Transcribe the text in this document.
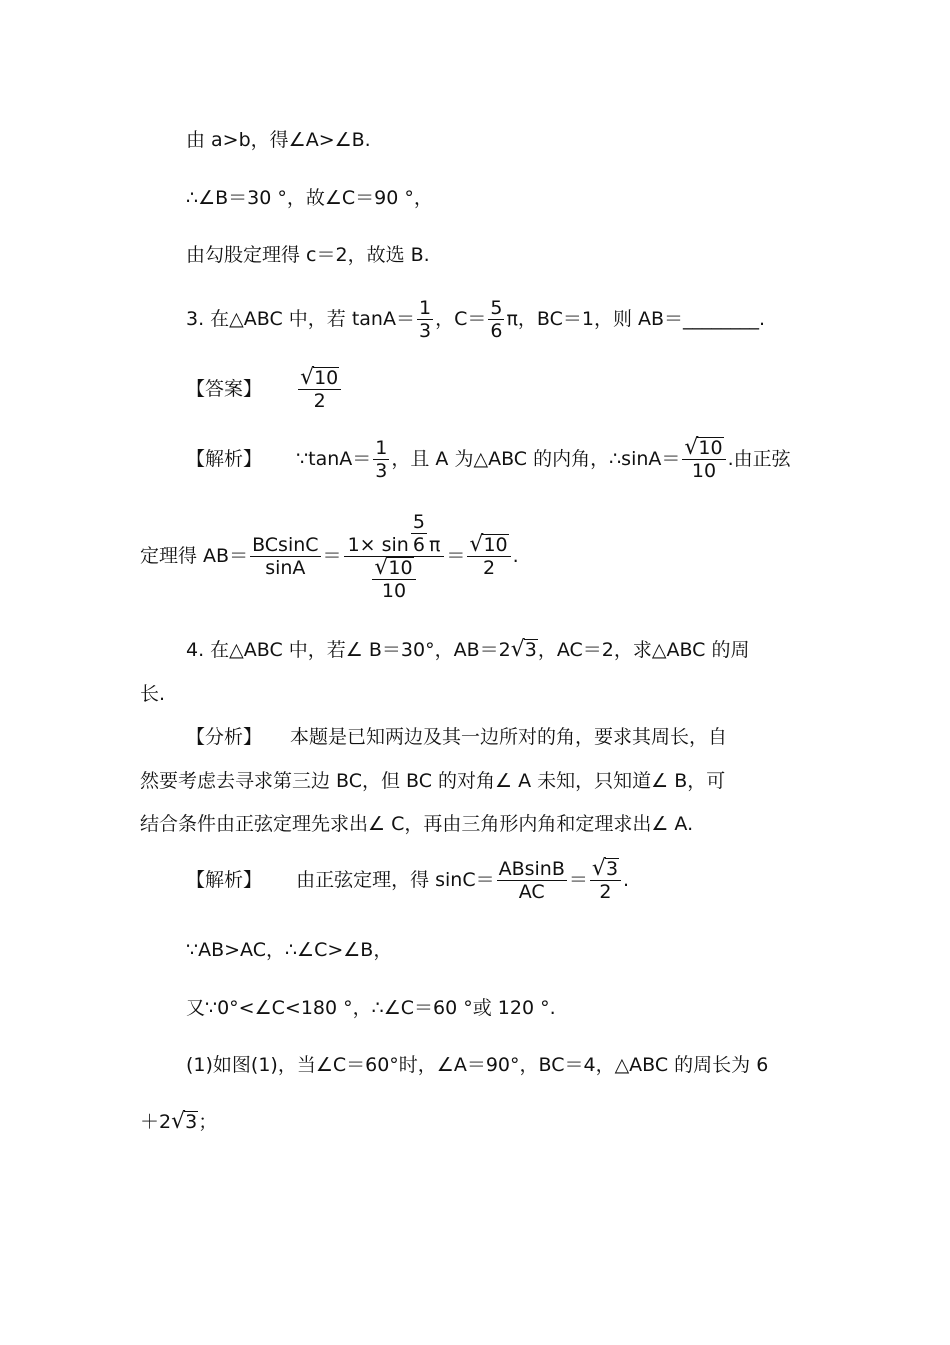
由 a>b，得∠A>∠B.
∴∠B＝30 °，故∠C＝90 °，
由勾股定理得 c＝2，故选 B.
3. 在△ABC 中，若 $\tan A= \frac{1}{3}$ ，$C= \frac{5}{6}$ π，BC＝1，则 AB＝________.
【答案】 $\frac{√10}{2}$
【解析】 ∵tanA＝ $\frac{1}{3}$ ，且 A 为△ABC 的内角，∴sinA＝ $\frac{√10}{10}$ .由正弦
定理得 $AB= \frac{BCsinC}{\sin A} = \frac{1\times \sin \frac{5}{6} \pi}{\frac{√10}{10}} = \frac{√10}{2}$ .
4. 在△ABC 中，若∠ B＝30°，AB＝2√3，AC＝2，求△ABC 的周
长.
【分析】 本题是已知两边及其一边所对的角，要求其周长，自
然要考虑去寻求第三边 BC，但 BC 的对角∠ A 未知，只知道∠ B，可
结合条件由正弦定理先求出∠ C，再由三角形内角和定理求出∠ A.
【解析】 由正弦定理，得 $\sin C= \frac{ABsinB}{AC} = \frac{√3}{2}$ .
∵AB>AC，∴∠C>∠B，
又∵0°<∠C<180 °，∴∠C＝60 °或 120 °.
(1)如图(1)，当∠C＝60°时，∠A＝90°，BC＝4，△ABC 的周长为 6
＋2√3；
